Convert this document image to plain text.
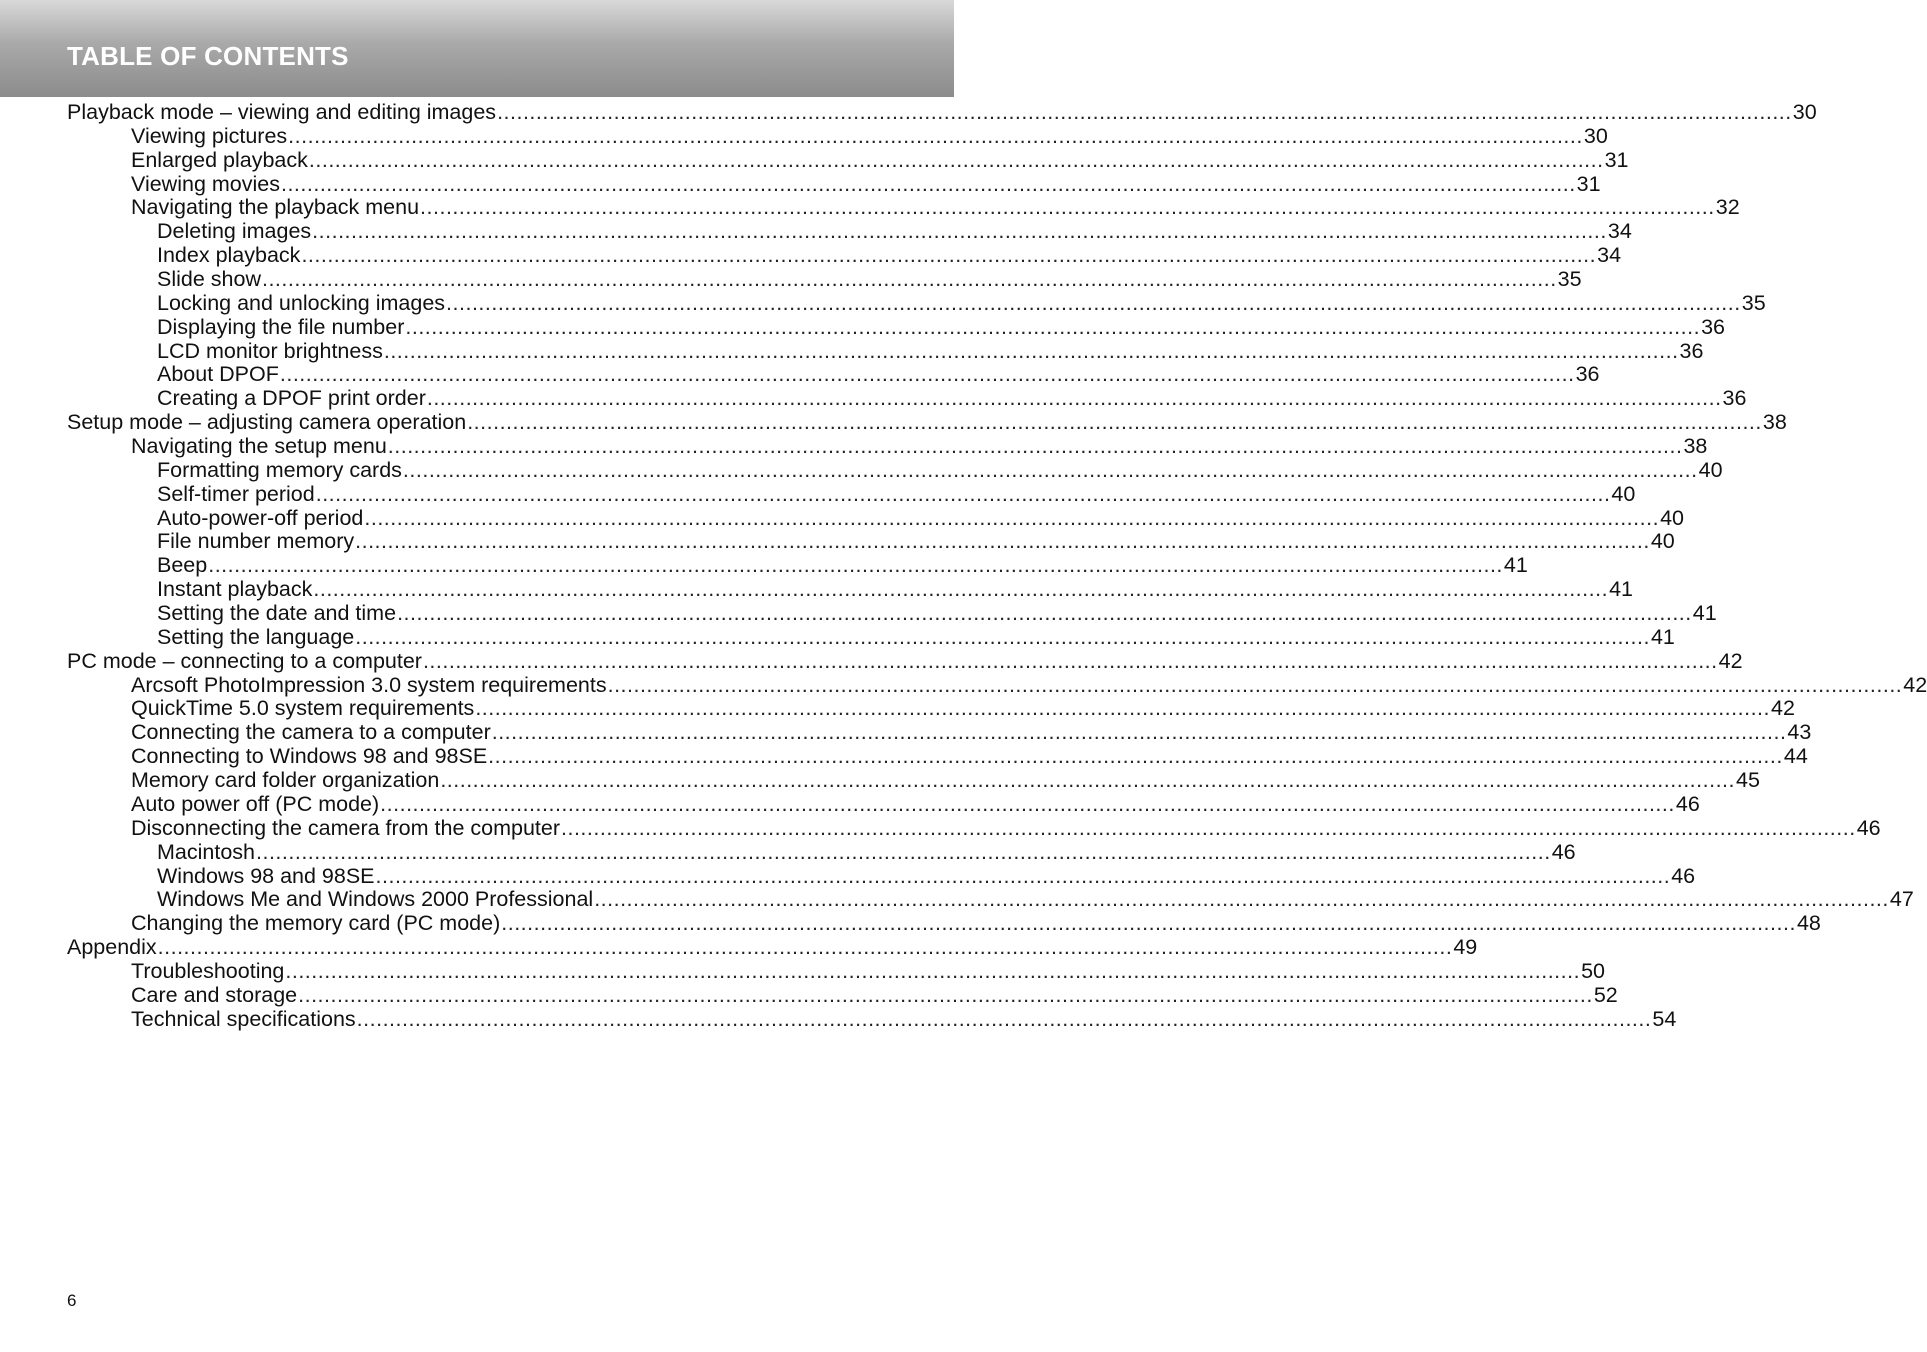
TABLE OF CONTENTS
Playback mode – viewing and editing images ........................................................................................................................................................................................................ 30
Viewing pictures ........................................................................................................................................................................................................ 30
Enlarged playback ........................................................................................................................................................................................................ 31
Viewing movies ........................................................................................................................................................................................................ 31
Navigating the playback menu ........................................................................................................................................................................................................ 32
Deleting images ........................................................................................................................................................................................................ 34
Index playback ........................................................................................................................................................................................................ 34
Slide show ........................................................................................................................................................................................................ 35
Locking and unlocking images ........................................................................................................................................................................................................ 35
Displaying the file number ........................................................................................................................................................................................................ 36
LCD monitor brightness ........................................................................................................................................................................................................ 36
About DPOF ........................................................................................................................................................................................................ 36
Creating a DPOF print order ........................................................................................................................................................................................................ 36
Setup mode – adjusting camera operation ........................................................................................................................................................................................................ 38
Navigating the setup menu ........................................................................................................................................................................................................ 38
Formatting memory cards ........................................................................................................................................................................................................ 40
Self-timer period ........................................................................................................................................................................................................ 40
Auto-power-off period ........................................................................................................................................................................................................ 40
File number memory ........................................................................................................................................................................................................ 40
Beep ........................................................................................................................................................................................................ 41
Instant playback ........................................................................................................................................................................................................ 41
Setting the date and time ........................................................................................................................................................................................................ 41
Setting the language ........................................................................................................................................................................................................ 41
PC mode – connecting to a computer ........................................................................................................................................................................................................ 42
Arcsoft PhotoImpression 3.0 system requirements ........................................................................................................................................................................................................ 42
QuickTime 5.0 system requirements ........................................................................................................................................................................................................ 42
Connecting the camera to a computer ........................................................................................................................................................................................................ 43
Connecting to Windows 98 and 98SE ........................................................................................................................................................................................................ 44
Memory card folder organization ........................................................................................................................................................................................................ 45
Auto power off (PC mode) ........................................................................................................................................................................................................ 46
Disconnecting the camera from the computer ........................................................................................................................................................................................................ 46
Macintosh ........................................................................................................................................................................................................ 46
Windows 98 and 98SE ........................................................................................................................................................................................................ 46
Windows Me and Windows 2000 Professional ........................................................................................................................................................................................................ 47
Changing the memory card (PC mode) ........................................................................................................................................................................................................ 48
Appendix ........................................................................................................................................................................................................ 49
Troubleshooting ........................................................................................................................................................................................................ 50
Care and storage ........................................................................................................................................................................................................ 52
Technical specifications ........................................................................................................................................................................................................ 54
6
